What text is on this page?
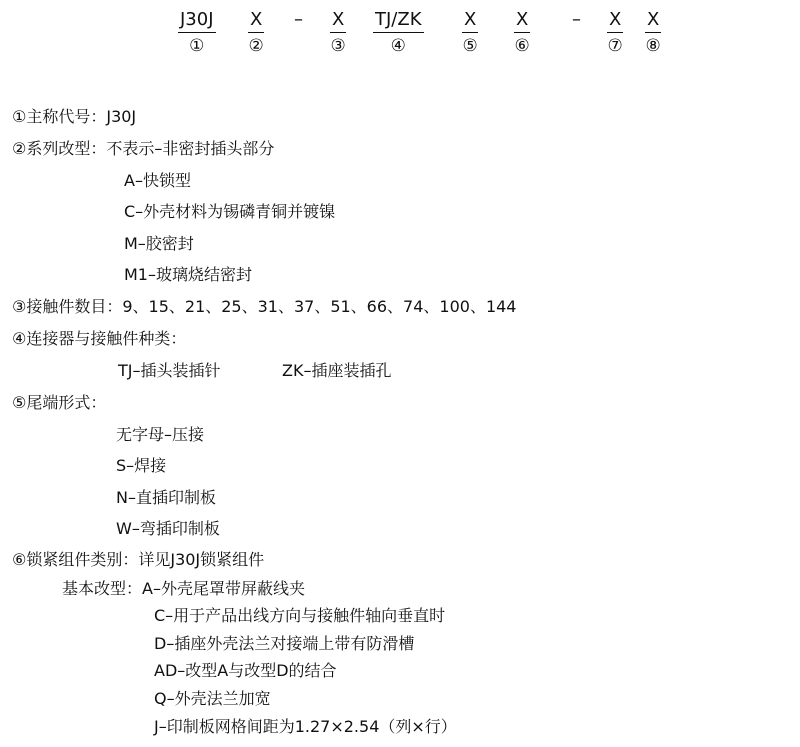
J30J
①
X
②
– X
③
TJ/ZK
④
X
⑤
X
⑥
– X
⑦
X
⑧
①主称代号：J30J
②系列改型：不表示–非密封插头部分
A–快锁型
C–外壳材料为锡磷青铜并镀镍
M–胶密封
M1–玻璃烧结密封
③接触件数目：9、15、21、25、31、37、51、66、74、100、144
④连接器与接触件种类：
TJ–插头装插针	ZK–插座装插孔
⑤尾端形式：
无字母–压接
S–焊接
N–直插印制板
W–弯插印制板
⑥锁紧组件类别：详见J30J锁紧组件
基本改型：A–外壳尾罩带屏蔽线夹
C–用于产品出线方向与接触件轴向垂直时
D–插座外壳法兰对接端上带有防滑槽
AD–改型A与改型D的结合
Q–外壳法兰加宽
J–印制板网格间距为1.27×2.54（列×行）
